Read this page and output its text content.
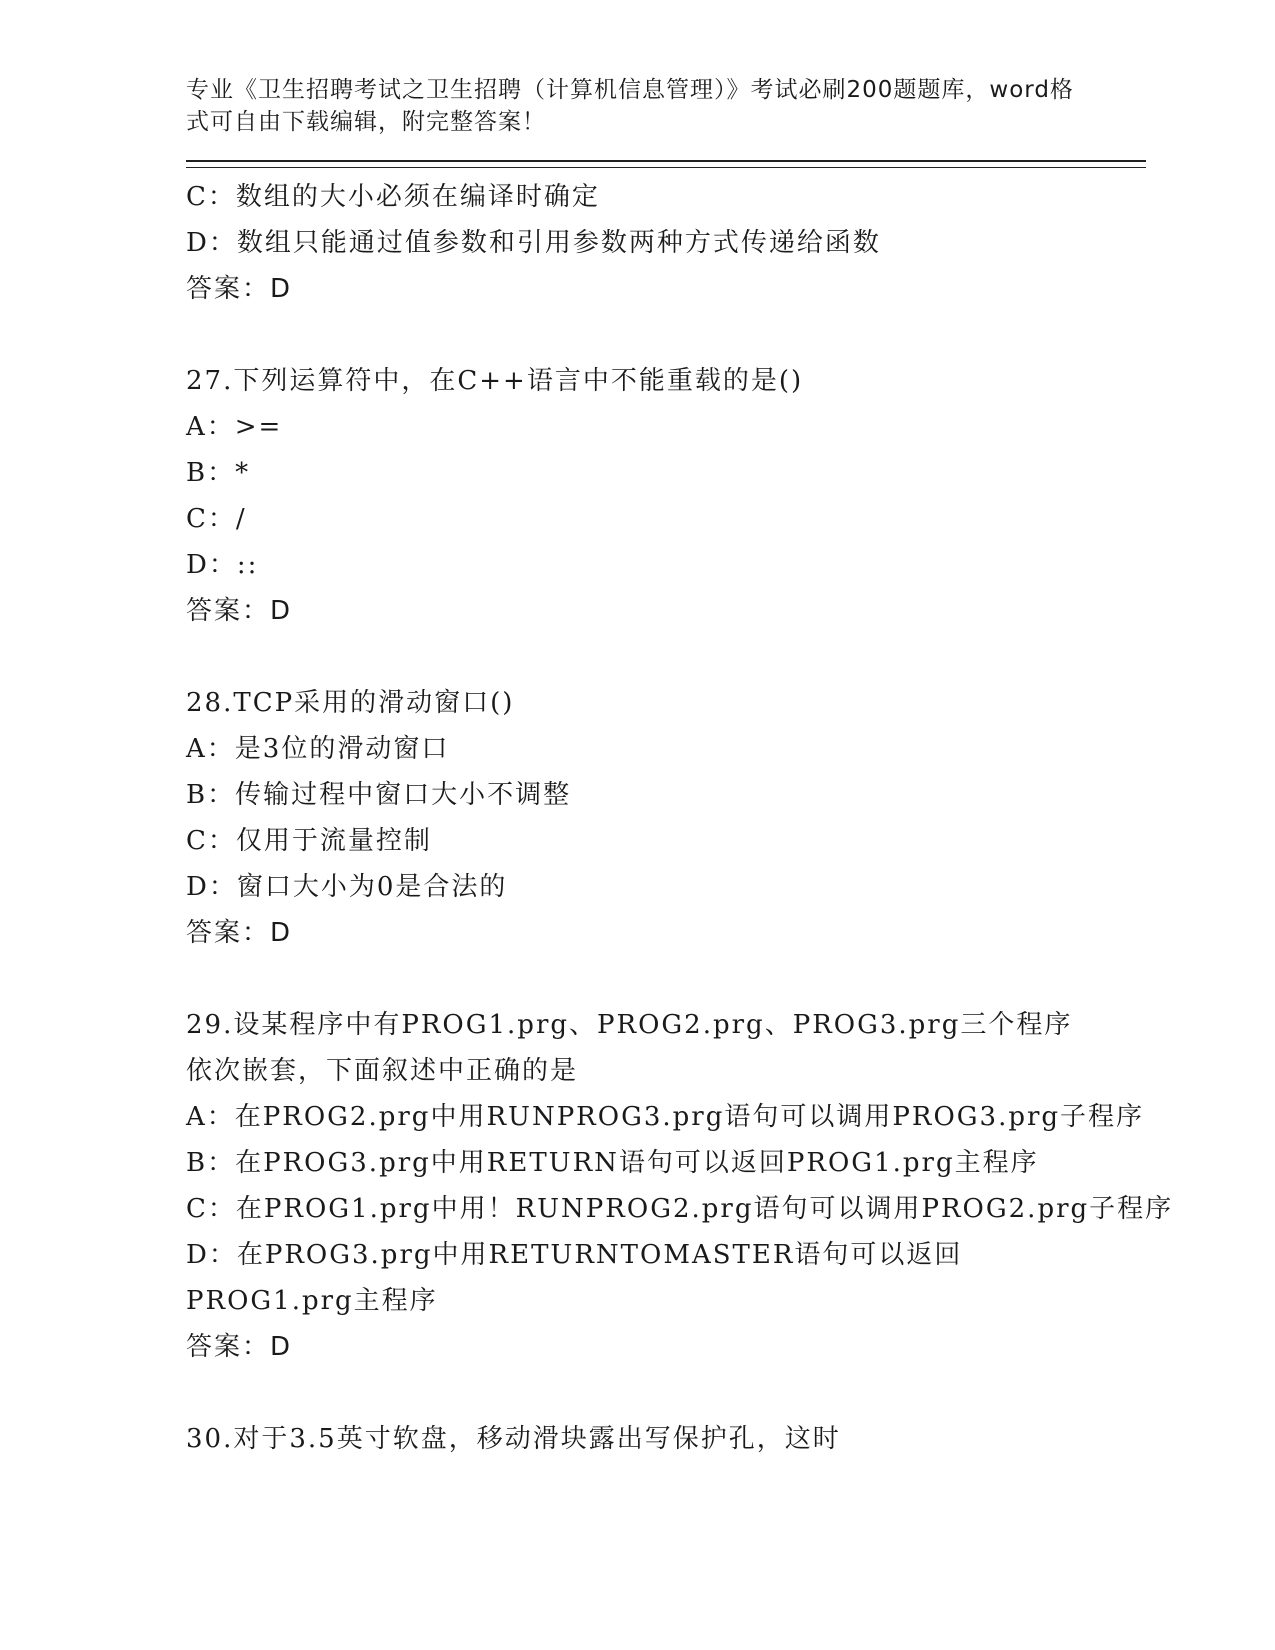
专业《卫生招聘考试之卫生招聘（计算机信息管理）》考试必刷200题题库，word格式可自由下载编辑，附完整答案！
C：数组的大小必须在编译时确定
D：数组只能通过值参数和引用参数两种方式传递给函数
答案：D
27.下列运算符中，在C++语言中不能重载的是()
A：>=
B：*
C：/
D：::
答案：D
28.TCP采用的滑动窗口()
A：是3位的滑动窗口
B：传输过程中窗口大小不调整
C：仅用于流量控制
D：窗口大小为0是合法的
答案：D
29.设某程序中有PROG1.prg、PROG2.prg、PROG3.prg三个程序依次嵌套，下面叙述中正确的是
A：在PROG2.prg中用RUNPROG3.prg语句可以调用PROG3.prg子程序
B：在PROG3.prg中用RETURN语句可以返回PROG1.prg主程序
C：在PROG1.prg中用！RUNPROG2.prg语句可以调用PROG2.prg子程序
D：在PROG3.prg中用RETURNTOMASTER语句可以返回PROG1.prg主程序
答案：D
30.对于3.5英寸软盘，移动滑块露出写保护孔，这时
